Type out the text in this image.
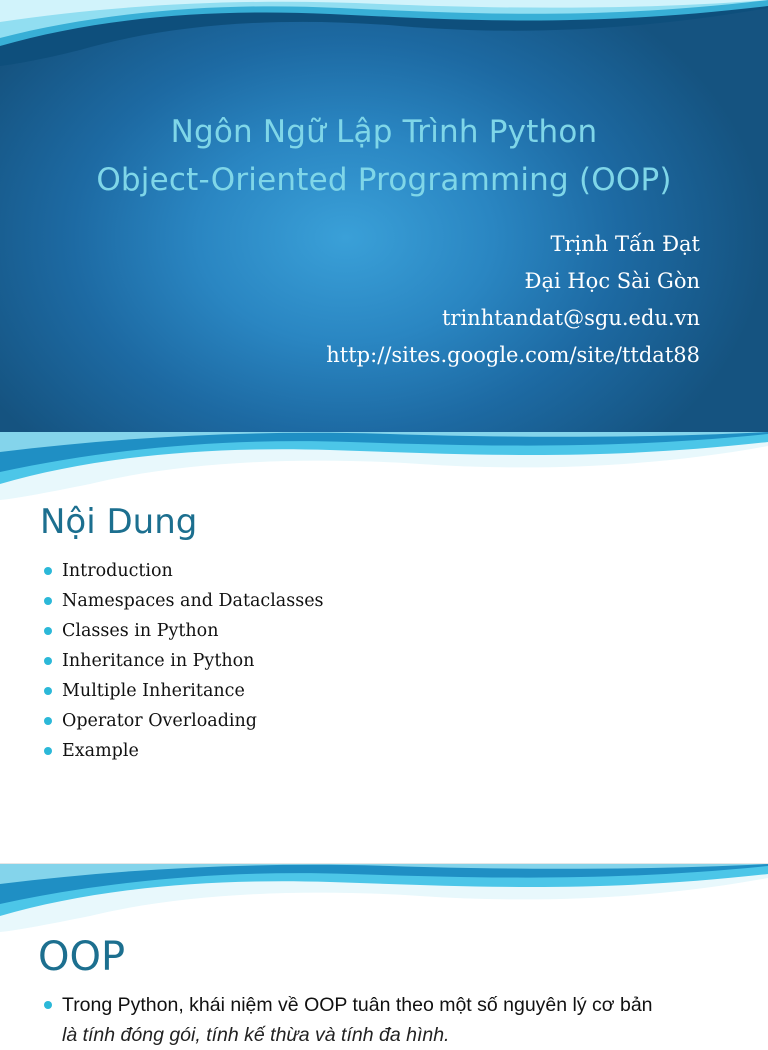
Ngôn Ngữ Lập Trình Python
Object-Oriented Programming (OOP)
Trịnh Tấn Đạt
Đại Học Sài Gòn
trinhtandat@sgu.edu.vn
http://sites.google.com/site/ttdat88
Nội Dung
Introduction
Namespaces and Dataclasses
Classes in Python
Inheritance in Python
Multiple Inheritance
Operator Overloading
Example
OOP
Trong Python, khái niệm về OOP tuân theo một số nguyên lý cơ bản
là tính đóng gói, tính kế thừa và tính đa hình.
